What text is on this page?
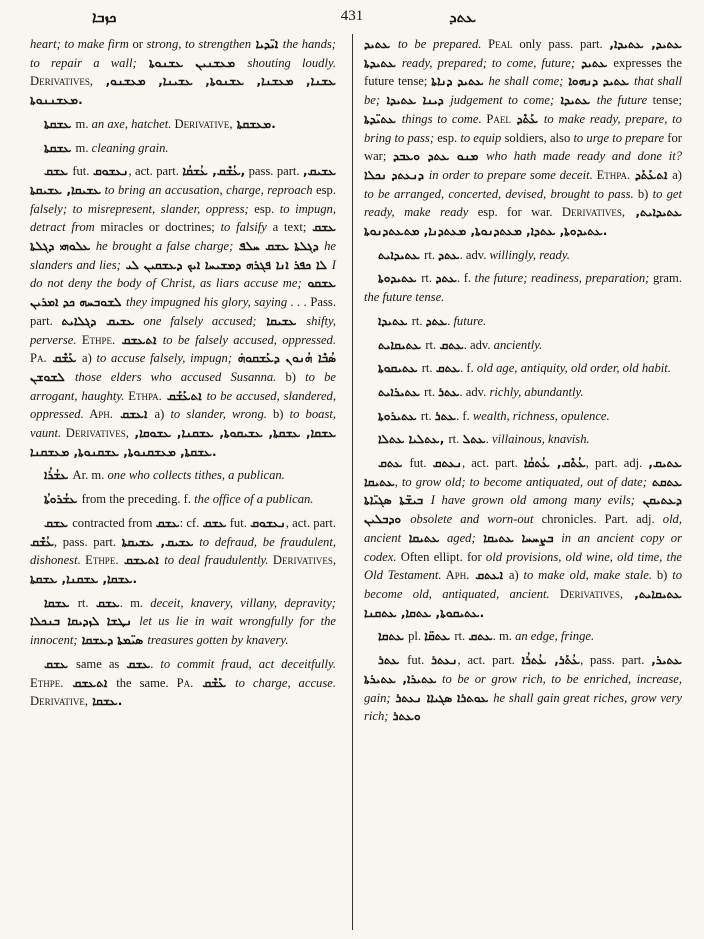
ܟܙܒܐ	431	ܥܬܕ

heart; to make firm or strong, to strengthen ܐܝ̈ܕܝܐ the hands; to repair a wall; ܡܥܫܢܝܢ ܥܫܢܘܬܐ shouting loudly. Derivatives, ܥܫܢܐ, ܡܥܫܢܐ, ܥܫܢܘܬܐ, ܥܫܝܢܐ, ܡܥܫܢܘ, ܡܥܫܢܢܘܬܐ.

ܥܫܩܬܐ m. an axe, hatchet. Derivative, ܡܥܫܩܬܐ.

ܥܫܩܬܐ m. cleaning grain.

ܥܫܩ fut. ܢܥܫܘܩ, act. part. ܥܳܫܶܩ, ܥܳܫܩܳܐ, pass. part. ܥܫܝܩ, ܥܫܝܩܐ, ܥܫܝܩܬܐ to bring an accusation, charge, reproach esp. falsely; to misrepresent, slander, oppress; esp. to impugn, detract from miracles or doctrines; to falsify a text; ܥܫܩ ܥܠܘܗܝ ܕܓܠܬܐ he brought a false charge; ܕܓܠܬܐ ܥܫܩ ܚܠܦ he slanders and lies; ܠܐ ܟܦܪ ܐܢܐ ܦܓܪܗ ܕܡܫܝܚܐ ܐܝܟ ܕܥܫܩܝܢ ܠܝ I do not deny the body of Christ, as liars accuse me; ܥܫܩܘ ܠܫܘܒܚܗ ܟܕ ܐܡܪܝܢ they impugned his glory, saying . . . Pass. part. ܥܫܝܩ ܕܓܠܐܝܬ one falsely accused; ܥܫܝܩܐ shifty, perverse. Ethpe. ܐܬܥܫܩ to be falsely accused, oppressed. Pa. ܥܰܫܶܩ a) to accuse falsely, impugn; ܣܳܒܶܐ ܗܳܢܘܢ ܕܥܰܫܩܘܗ̇ ܠܫܘܫܢ those elders who accused Susanna. b) to be arrogant, haughty. Ethpa. ܐܬܥܰܫܰܩ to be accused, slandered, oppressed. Aph. ܐܥܫܩ a) to slander, wrong. b) to boast, vaunt. Derivatives, ܥܫܩܐ, ܥܫܩܬܐ, ܥܫܝܩܘܬܐ, ܥܫܩܢܐ, ܥܫܘܩܐ, ܥܫܩܬܐ, ܡܥܫܩܢܘܬܐ, ܥܫܩܢܘܬܐ, ܡܥܫܩܢܐ.

ܥܫܳܪܳܐ Ar. m. one who collects tithes, a publican.

ܥܫܳܪܘܬܳܐ from the preceding. f. the office of a publican.

ܥܫܩ contracted from ܥܫܩ: cf. ܥܫܩ fut. ܢܥܫܘܩ, act. part. ܥܳܫܶܩ, pass. part. ܥܫܝܩ, ܥܫܝܩܬܐ to defraud, be fraudulent, dishonest. Ethpe. ܐܬܥܫܩ to deal fraudulently. Derivatives, ܥܫܩܐ, ܥܫܩܢܐ, ܥܫܩܬܐ.

ܥܫܩܐ rt. ܥܫܩ. m. deceit, knavery, villany, depravity; ܢܛܫܐ ܠܙܕܝܩܐ ܒܢܟܠܐ let us lie in wait wrongfully for the innocent; ܣܝ̈ܡܬܐ ܕܥܫܩܐ treasures gotten by knavery.

ܥܫܩ same as ܥܫܩ. to commit fraud, act deceitfully. Ethpe. ܐܬܥܫܩ the same. Pa. ܥܰܫܶܩ to charge, accuse. Derivative, ܥܫܩܐ.

ܥܬܝܕ to be prepared. Peal only pass. part. ܥܬܝܕ, ܥܬܝܕܐ, ܥܬܝܕܬܐ ready, prepared; to come, future; ܥܬܝܕ expresses the future tense; ܥܬܝܕ ܕܢܐܬܐ he shall come; ܥܬܝܕ ܕܢܗܘܐ that shall be; ܕܝܢܐ ܥܬܝܕܐ judgement to come; ܥܬܝܕܐ the future tense; ܥܬܝ̈ܕܬܐ things to come. Pael ܥܰܬܶܕ to make ready, prepare, to bring to pass; esp. to equip soldiers, also to urge to prepare for war; ܡܢܘ ܥܬܕ ܘܥܒܕ who hath made ready and done it? ܕܢܥܬܕ ܢܟܠܐ in order to prepare some deceit. Ethpa. ܐܬܥܰܬܰܕ a) to be arranged, concerted, devised, brought to pass. b) to get ready, make ready esp. for war. Derivatives, ܥܬܝܕܐܝܬ, ܥܬܝܕܘܬܐ, ܥܬܕܐ, ܡܥܬܕܢܘܬܐ, ܡܥܬܕܢܐ, ܡܬܥܬܕܢܘܬܐ.

ܥܬܝܕܐܝܬ rt. ܥܬܕ. adv. willingly, ready.

ܥܬܝܕܘܬܐ rt. ܥܬܕ. f. the future; readiness, preparation; gram. the future tense.

ܥܬܝܕܐ rt. ܥܬܕ. future.

ܥܬܝܩܐܝܬ rt. ܥܬܩ. adv. anciently.

ܥܬܝܩܘܬܐ rt. ܥܬܩ. f. old age, antiquity, old order, old habit.

ܥܬܝܪܐܝܬ rt. ܥܬܪ. adv. richly, abundantly.

ܥܬܝܪܘܬܐ rt. ܥܬܪ. f. wealth, richness, opulence.

ܥܬܠܝܐ ܥܬܠܐ, rt. ܥܬܠ. villainous, knavish.

ܥܬܩ fut. ܢܥܬܩ, act. part. ܥܳܬܶܩ, ܥܳܬܩܳܐ, part. adj. ܥܬܝܩ, ܥܬܝܩܐ, to grow old; to become antiquated, out of date; ܥܬܩܬ ܒܝܫ̈ܬܐ ܣܓܝ̈ܐܬܐ I have grown old among many evils; ܕܥܬܝܩܢ ܘܕܒܠܝܢ obsolete and worn-out chronicles. Part. adj. old, ancient ܥܬܝܩܐ aged; ܒܨܚܚܐ ܥܬܝܩܐ in an ancient copy or codex. Often ellipt. for old provisions, old wine, old time, the Old Testament. Aph. ܐܥܬܩ a) to make old, make stale. b) to become old, antiquated, ancient. Derivatives, ܥܬܝܩܐܝܬ, ܥܬܝܩܘܬܐ, ܥܬܩܐ, ܥܬܩܢܐ.

ܥܬܩܐ pl. ܥܬܩ̈ܐ rt. ܥܬܩ. m. an edge, fringe.

ܥܬܪ fut. ܢܥܬܪ, act. part. ܥܳܬܰܪ, ܥܳܬܪܳܐ, pass. part. ܥܬܝܪ, ܥܬܝܪܐ, ܥܬܝܪܬܐ to be or grow rich, to be enriched, increase, gain; ܥܘܬܪܐ ܣܓܝܐܐ ܢܥܬܪ he shall gain great riches, grow very rich; ܘܥܬܪ
